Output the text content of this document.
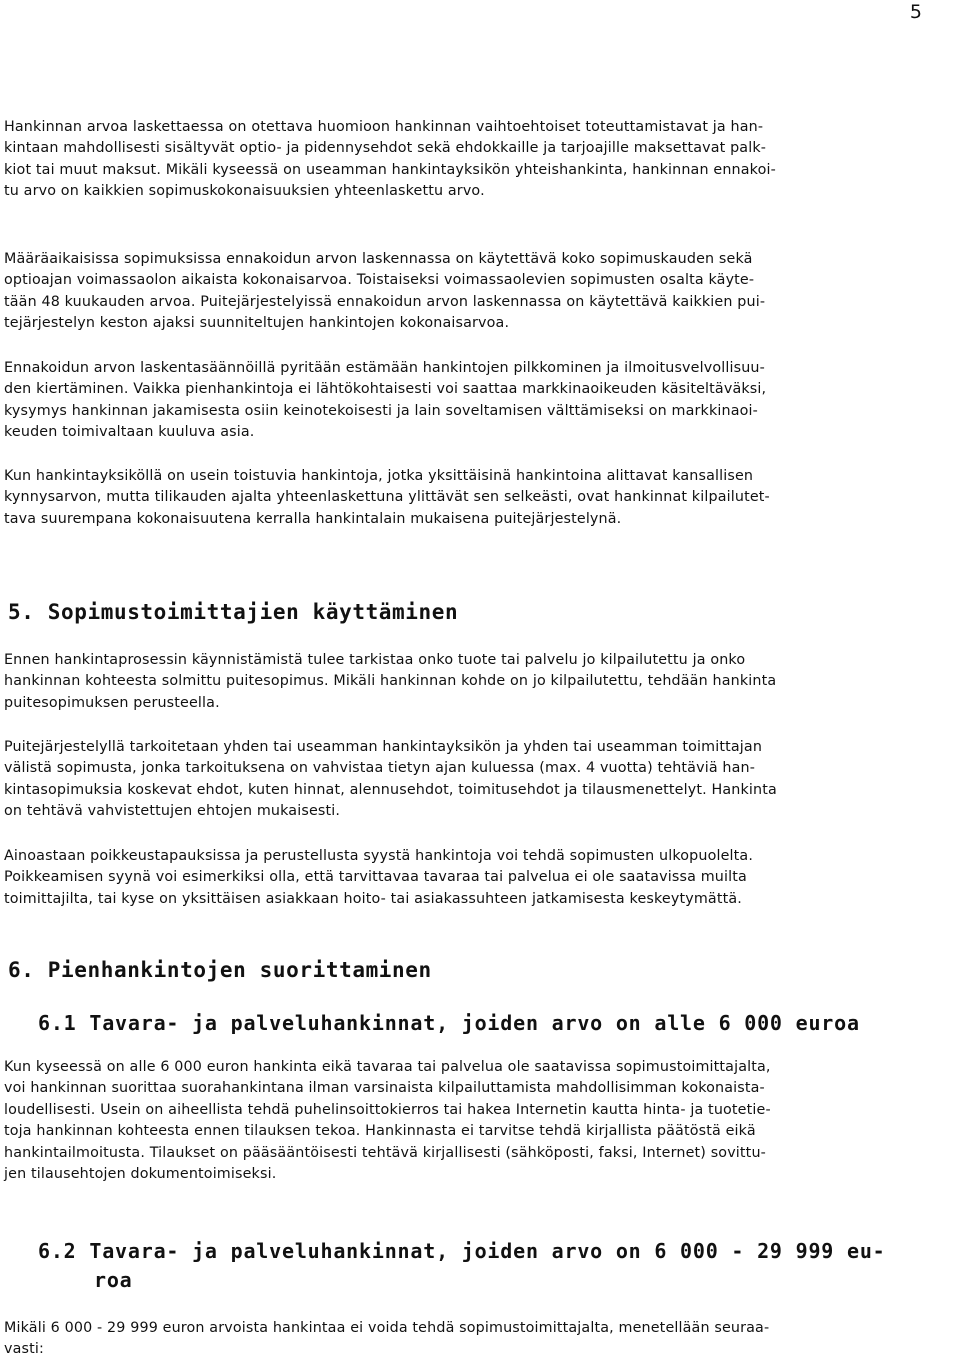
5
Hankinnan arvoa laskettaessa on otettava huomioon hankinnan vaihtoehtoiset toteuttamistavat ja han-
kintaan mahdollisesti sisältyvät optio- ja pidennysehdot sekä ehdokkaille ja tarjoajille maksettavat palk-
kiot tai muut maksut. Mikäli kyseessä on useamman hankintayksikön yhteishankinta, hankinnan ennakoi-
tu arvo on kaikkien sopimuskokonaisuuksien yhteenlaskettu arvo.
Määräaikaisissa sopimuksissa ennakoidun arvon laskennassa on käytettävä koko sopimuskauden sekä
optioajan voimassaolon aikaista kokonaisarvoa. Toistaiseksi voimassaolevien sopimusten osalta käyte-
tään 48 kuukauden arvoa. Puitejärjestelyissä ennakoidun arvon laskennassa on käytettävä kaikkien pui-
tejärjestelyn keston ajaksi suunniteltujen hankintojen kokonaisarvoa.
Ennakoidun arvon laskentasäännöillä pyritään estämään hankintojen pilkkominen ja ilmoitusvelvollisuu-
den kiertäminen. Vaikka pienhankintoja ei lähtökohtaisesti voi saattaa markkinaoikeuden käsiteltäväksi,
kysymys hankinnan jakamisesta osiin keinotekoisesti ja lain soveltamisen välttämiseksi on markkinaoi-
keuden toimivaltaan kuuluva asia.
Kun hankintayksiköllä on usein toistuvia hankintoja, jotka yksittäisinä hankintoina alittavat kansallisen
kynnysarvon, mutta tilikauden ajalta yhteenlaskettuna ylittävät sen selkeästi, ovat hankinnat kilpailutet-
tava suurempana kokonaisuutena kerralla hankintalain mukaisena puitejärjestelynä.
5. Sopimustoimittajien käyttäminen
Ennen hankintaprosessin käynnistämistä tulee tarkistaa onko tuote tai palvelu jo kilpailutettu ja onko
hankinnan kohteesta solmittu puitesopimus. Mikäli hankinnan kohde on jo kilpailutettu, tehdään hankinta
puitesopimuksen perusteella.
Puitejärjestelyllä tarkoitetaan yhden tai useamman hankintayksikön ja yhden tai useamman toimittajan
välistä sopimusta, jonka tarkoituksena on vahvistaa tietyn ajan kuluessa (max. 4 vuotta) tehtäviä han-
kintasopimuksia koskevat ehdot, kuten hinnat, alennusehdot, toimitusehdot ja tilausmenettelyt. Hankinta
on tehtävä vahvistettujen ehtojen mukaisesti.
Ainoastaan poikkeustapauksissa ja perustellusta syystä hankintoja voi tehdä sopimusten ulkopuolelta.
Poikkeamisen syynä voi esimerkiksi olla, että tarvittavaa tavaraa tai palvelua ei ole saatavissa muilta
toimittajilta, tai kyse on yksittäisen asiakkaan hoito- tai asiakassuhteen jatkamisesta keskeytymättä.
6. Pienhankintojen suorittaminen
6.1 Tavara- ja palveluhankinnat, joiden arvo on alle 6 000 euroa
Kun kyseessä on alle 6 000 euron hankinta eikä tavaraa tai palvelua ole saatavissa sopimustoimittajalta,
voi hankinnan suorittaa suorahankintana ilman varsinaista kilpailuttamista mahdollisimman kokonaista-
loudellisesti. Usein on aiheellista tehdä puhelinsoittokierros tai hakea Internetin kautta hinta- ja tuotetie-
toja hankinnan kohteesta ennen tilauksen tekoa. Hankinnasta ei tarvitse tehdä kirjallista päätöstä eikä
hankintailmoitusta. Tilaukset on pääsääntöisesti tehtävä kirjallisesti (sähköposti, faksi, Internet) sovittu-
jen tilausehtojen dokumentoimiseksi.
6.2 Tavara- ja palveluhankinnat, joiden arvo on 6 000 - 29 999 eu-
roa
Mikäli 6 000 - 29 999 euron arvoista hankintaa ei voida tehdä sopimustoimittajalta, menetellään seuraa-
vasti:
